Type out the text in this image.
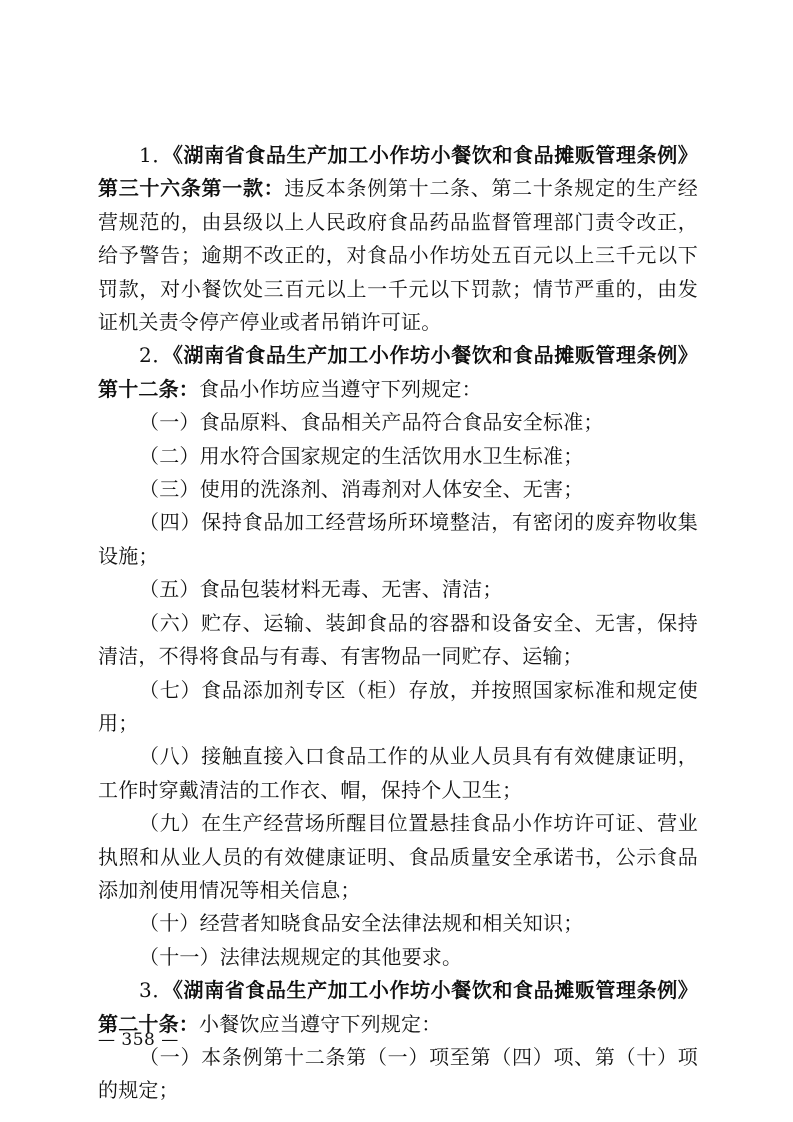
1．《湖南省食品生产加工小作坊小餐饮和食品摊贩管理条例》第三十六条第一款：违反本条例第十二条、第二十条规定的生产经营规范的，由县级以上人民政府食品药品监督管理部门责令改正，给予警告；逾期不改正的，对食品小作坊处五百元以上三千元以下罚款，对小餐饮处三百元以上一千元以下罚款；情节严重的，由发证机关责令停产停业或者吊销许可证。

2．《湖南省食品生产加工小作坊小餐饮和食品摊贩管理条例》第十二条：食品小作坊应当遵守下列规定：

（一）食品原料、食品相关产品符合食品安全标准；

（二）用水符合国家规定的生活饮用水卫生标准；

（三）使用的洗涤剂、消毒剂对人体安全、无害；

（四）保持食品加工经营场所环境整洁，有密闭的废弃物收集设施；

（五）食品包装材料无毒、无害、清洁；

（六）贮存、运输、装卸食品的容器和设备安全、无害，保持清洁，不得将食品与有毒、有害物品一同贮存、运输；

（七）食品添加剂专区（柜）存放，并按照国家标准和规定使用；

（八）接触直接入口食品工作的从业人员具有有效健康证明，工作时穿戴清洁的工作衣、帽，保持个人卫生；

（九）在生产经营场所醒目位置悬挂食品小作坊许可证、营业执照和从业人员的有效健康证明、食品质量安全承诺书，公示食品添加剂使用情况等相关信息；

（十）经营者知晓食品安全法律法规和相关知识；

（十一）法律法规规定的其他要求。

3．《湖南省食品生产加工小作坊小餐饮和食品摊贩管理条例》第二十条：小餐饮应当遵守下列规定：

（一）本条例第十二条第（一）项至第（四）项、第（十）项的规定；

— 358 —
